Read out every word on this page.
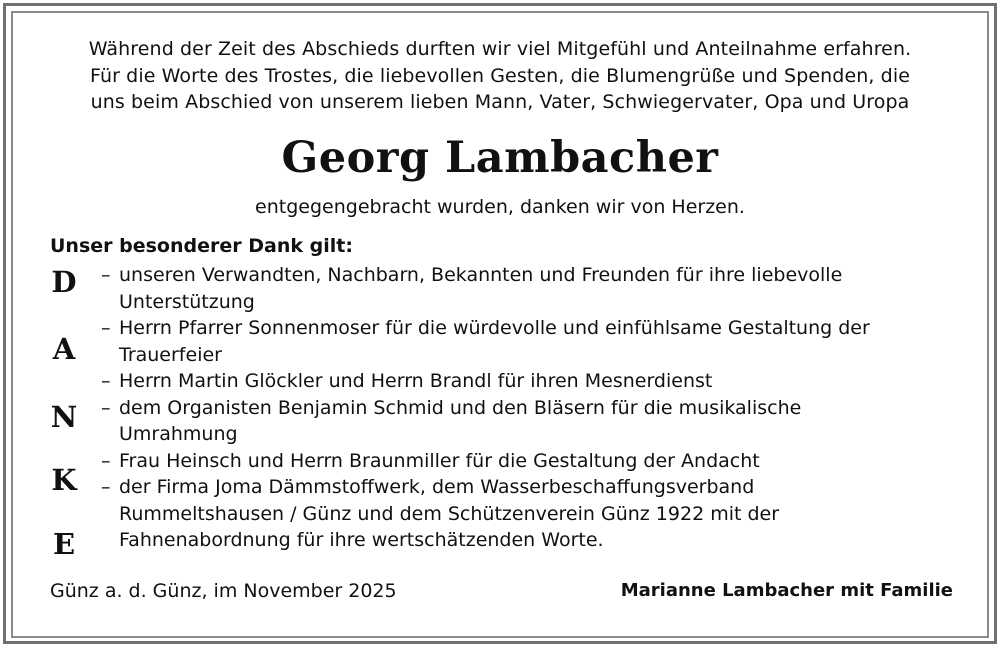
Während der Zeit des Abschieds durften wir viel Mitgefühl und Anteilnahme erfahren.
Für die Worte des Trostes, die liebevollen Gesten, die Blumengrüße und Spenden, die
uns beim Abschied von unserem lieben Mann, Vater, Schwiegervater, Opa und Uropa
Georg Lambacher
entgegengebracht wurden, danken wir von Herzen.
Unser besonderer Dank gilt:
D
A
N
K
E
– unseren Verwandten, Nachbarn, Bekannten und Freunden für ihre liebevolle Unterstützung
– Herrn Pfarrer Sonnenmoser für die würdevolle und einfühlsame Gestaltung der Trauerfeier
– Herrn Martin Glöckler und Herrn Brandl für ihren Mesnerdienst
– dem Organisten Benjamin Schmid und den Bläsern für die musikalische Umrahmung
– Frau Heinsch und Herrn Braunmiller für die Gestaltung der Andacht
– der Firma Joma Dämmstoffwerk, dem Wasserbeschaffungsverband Rummeltshausen / Günz und dem Schützenverein Günz 1922 mit der Fahnenabordnung für ihre wertschätzenden Worte.
Günz a. d. Günz, im November 2025	Marianne Lambacher mit Familie
